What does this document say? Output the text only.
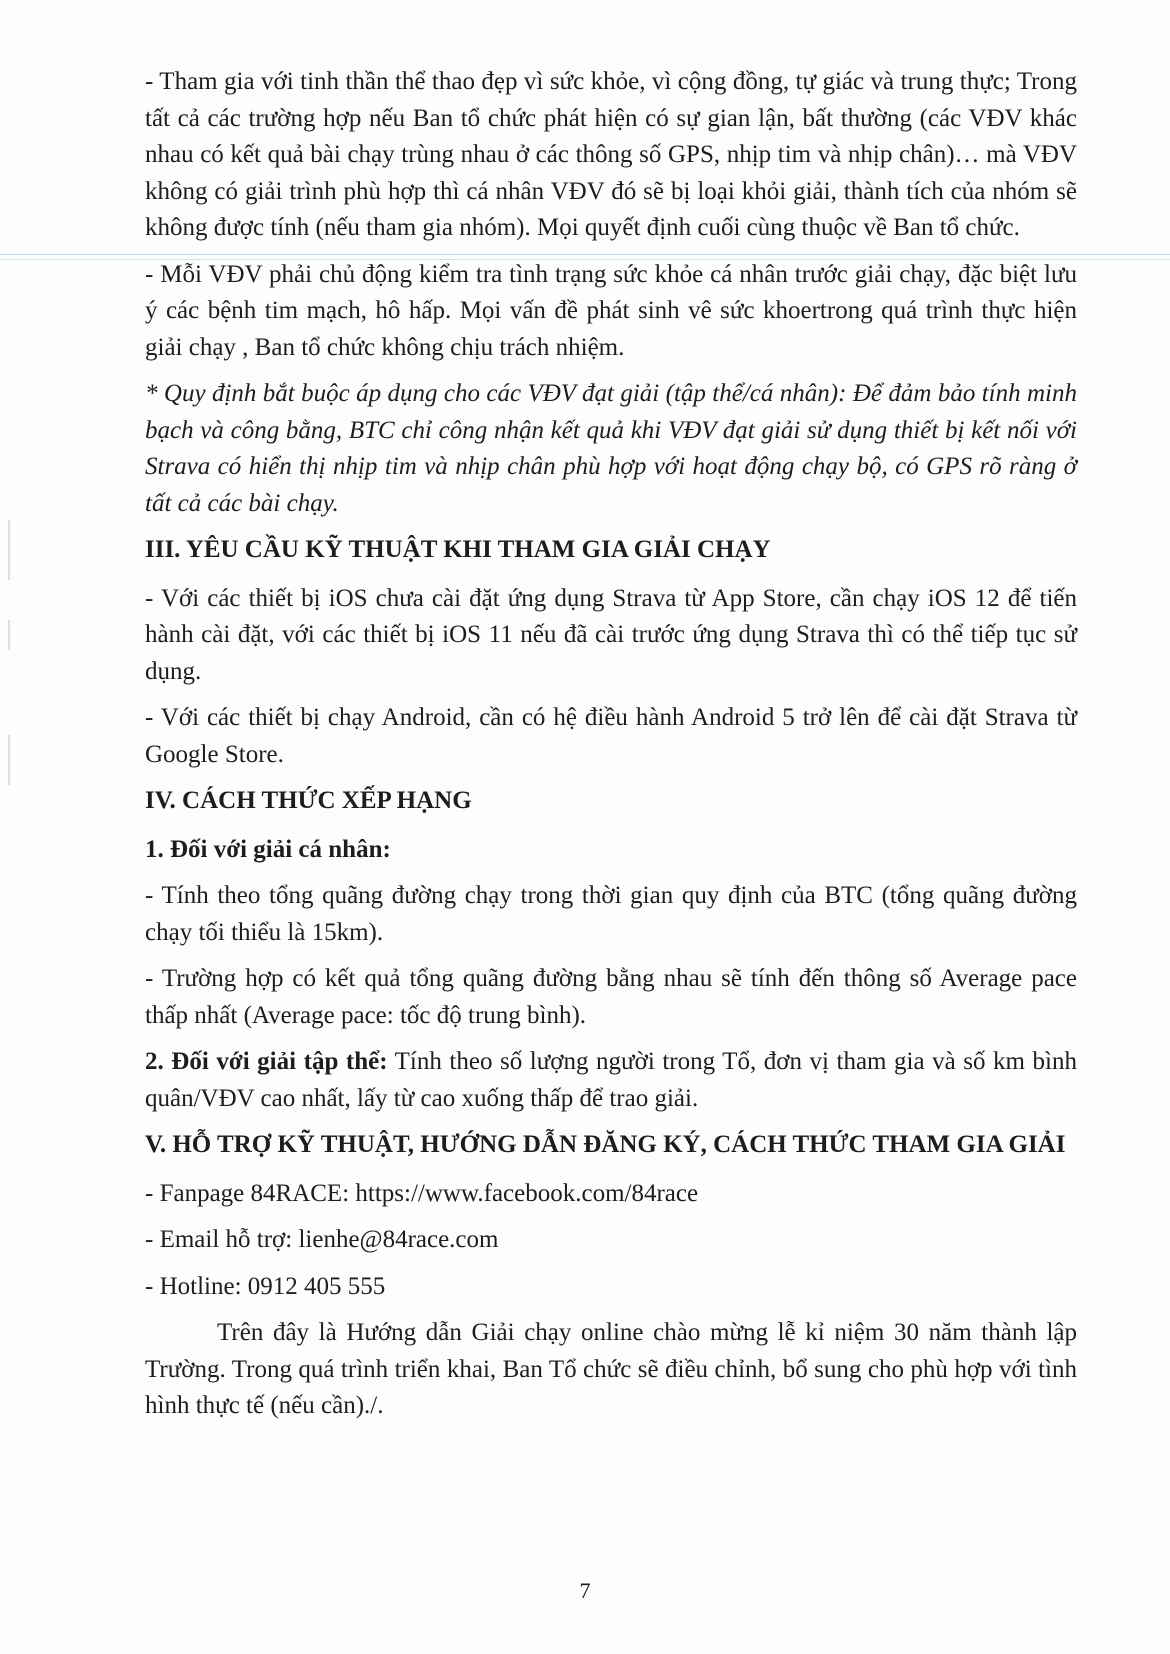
- Tham gia với tinh thần thể thao đẹp vì sức khỏe, vì cộng đồng, tự giác và trung thực; Trong tất cả các trường hợp nếu Ban tổ chức phát hiện có sự gian lận, bất thường (các VĐV khác nhau có kết quả bài chạy trùng nhau ở các thông số GPS, nhịp tim và nhịp chân)… mà VĐV không có giải trình phù hợp thì cá nhân VĐV đó sẽ bị loại khỏi giải, thành tích của nhóm sẽ không được tính (nếu tham gia nhóm). Mọi quyết định cuối cùng thuộc về Ban tổ chức.

- Mỗi VĐV phải chủ động kiểm tra tình trạng sức khỏe cá nhân trước giải chạy, đặc biệt lưu ý các bệnh tim mạch, hô hấp. Mọi vấn đề phát sinh vê sức khoertrong quá trình thực hiện giải chạy , Ban tổ chức không chịu trách nhiệm.

* Quy định bắt buộc áp dụng cho các VĐV đạt giải (tập thể/cá nhân): Để đảm bảo tính minh bạch và công bằng, BTC chỉ công nhận kết quả khi VĐV đạt giải sử dụng thiết bị kết nối với Strava có hiển thị nhịp tim và nhịp chân phù hợp với hoạt động chạy bộ, có GPS rõ ràng ở tất cả các bài chạy.

III. YÊU CẦU KỸ THUẬT KHI THAM GIA GIẢI CHẠY

- Với các thiết bị iOS chưa cài đặt ứng dụng Strava từ App Store, cần chạy iOS 12 để tiến hành cài đặt, với các thiết bị iOS 11 nếu đã cài trước ứng dụng Strava thì có thể tiếp tục sử dụng.

- Với các thiết bị chạy Android, cần có hệ điều hành Android 5 trở lên để cài đặt Strava từ Google Store.

IV. CÁCH THỨC XẾP HẠNG
1. Đối với giải cá nhân:

- Tính theo tổng quãng đường chạy trong thời gian quy định của BTC (tổng quãng đường chạy tối thiểu là 15km).

- Trường hợp có kết quả tổng quãng đường bằng nhau sẽ tính đến thông số Average pace thấp nhất (Average pace: tốc độ trung bình).

2. Đối với giải tập thể: Tính theo số lượng người trong Tổ, đơn vị tham gia và số km bình quân/VĐV cao nhất, lấy từ cao xuống thấp để trao giải.

V. HỖ TRỢ KỸ THUẬT, HƯỚNG DẪN ĐĂNG KÝ, CÁCH THỨC THAM GIA GIẢI

- Fanpage 84RACE: https://www.facebook.com/84race

- Email hỗ trợ: lienhe@84race.com

- Hotline: 0912 405 555

Trên đây là Hướng dẫn Giải chạy online chào mừng lễ kỉ niệm 30 năm thành lập Trường. Trong quá trình triển khai, Ban Tổ chức sẽ điều chỉnh, bổ sung cho phù hợp với tình hình thực tế (nếu cần)./.

7
